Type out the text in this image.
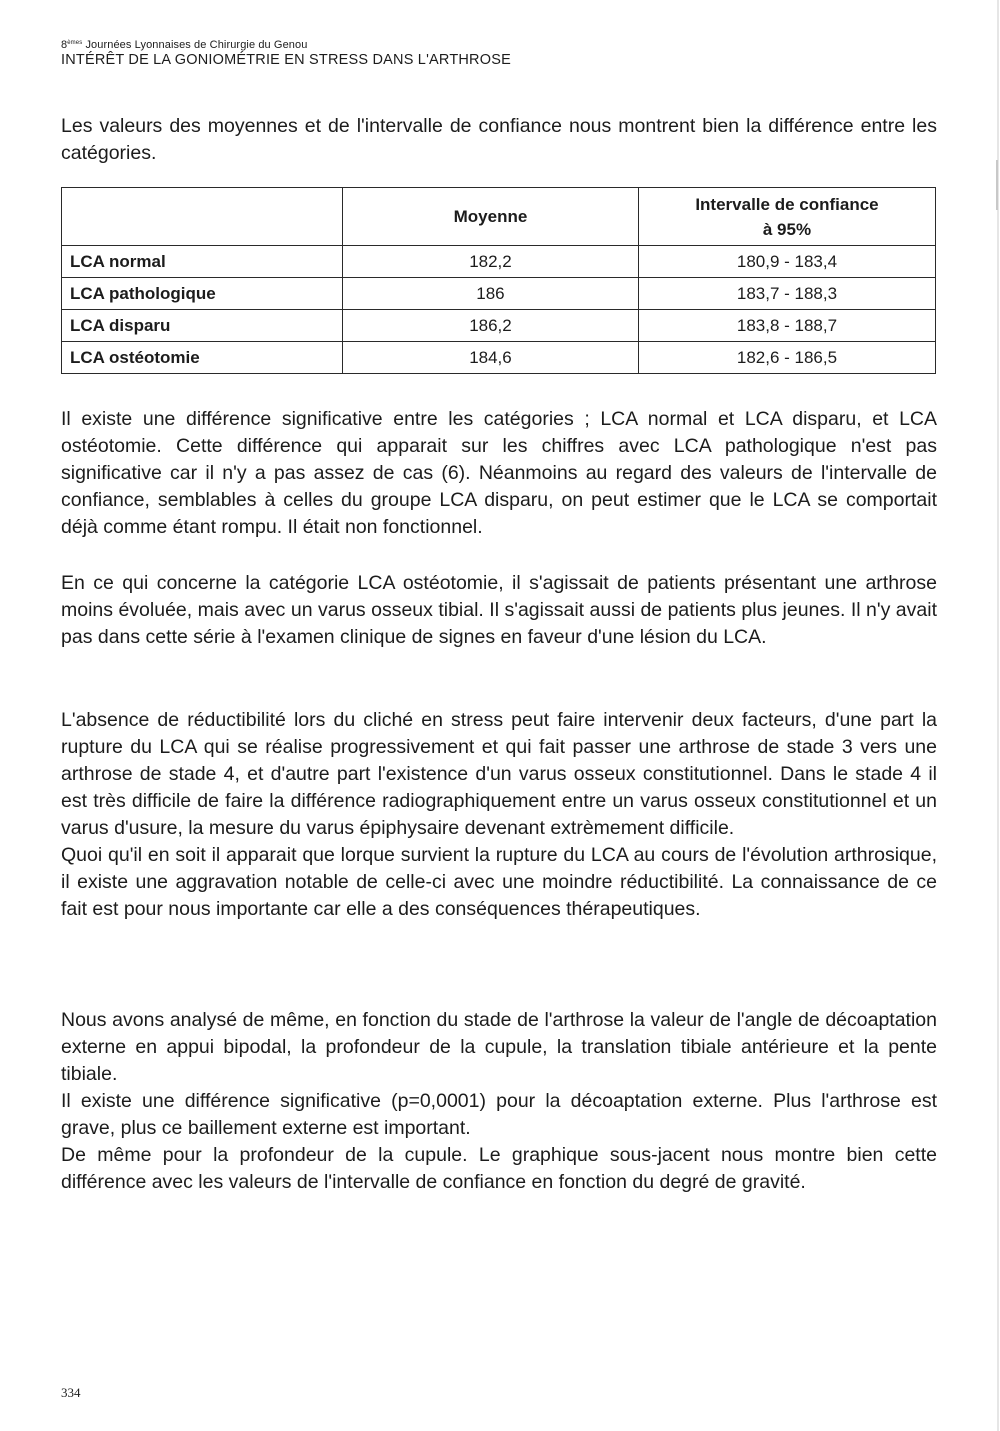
8èmes Journées Lyonnaises de Chirurgie du Genou
INTÉRÊT DE LA GONIOMÉTRIE EN STRESS DANS L'ARTHROSE

Les valeurs des moyennes et de l'intervalle de confiance nous montrent bien la différence entre les catégories.

	Moyenne	Intervalle de confiance
à 95%
LCA normal	182,2	180,9 - 183,4
LCA pathologique	186	183,7 - 188,3
LCA disparu	186,2	183,8 - 188,7
LCA ostéotomie	184,6	182,6 - 186,5

Il existe une différence significative entre les catégories ; LCA normal et LCA disparu, et LCA ostéotomie. Cette différence qui apparait sur les chiffres avec LCA pathologique n'est pas significative car il n'y a pas assez de cas (6). Néanmoins au regard des valeurs de l'intervalle de confiance, semblables à celles du groupe LCA disparu, on peut estimer que le LCA se comportait déjà comme étant rompu. Il était non fonctionnel.

En ce qui concerne la catégorie LCA ostéotomie, il s'agissait de patients présentant une arthrose moins évoluée, mais avec un varus osseux tibial. Il s'agissait aussi de patients plus jeunes. Il n'y avait pas dans cette série à l'examen clinique de signes en faveur d'une lésion du LCA.

L'absence de réductibilité lors du cliché en stress peut faire intervenir deux facteurs, d'une part la rupture du LCA qui se réalise progressivement et qui fait passer une arthrose de stade 3 vers une arthrose de stade 4, et d'autre part l'existence d'un varus osseux constitutionnel. Dans le stade 4 il est très difficile de faire la différence radiographiquement entre un varus osseux constitutionnel et un varus d'usure, la mesure du varus épiphysaire devenant extrèmement difficile.
Quoi qu'il en soit il apparait que lorque survient la rupture du LCA au cours de l'évolution arthrosique, il existe une aggravation notable de celle-ci avec une moindre réductibilité. La connaissance de ce fait est pour nous importante car elle a des conséquences thérapeutiques.
Nous avons analysé de même, en fonction du stade de l'arthrose la valeur de l'angle de décoaptation externe en appui bipodal, la profondeur de la cupule, la translation tibiale antérieure et la pente tibiale.
Il existe une différence significative (p=0,0001) pour la décoaptation externe. Plus l'arthrose est grave, plus ce baillement externe est important.
De même pour la profondeur de la cupule. Le graphique sous-jacent nous montre bien cette différence avec les valeurs de l'intervalle de confiance en fonction du degré de gravité.
334
